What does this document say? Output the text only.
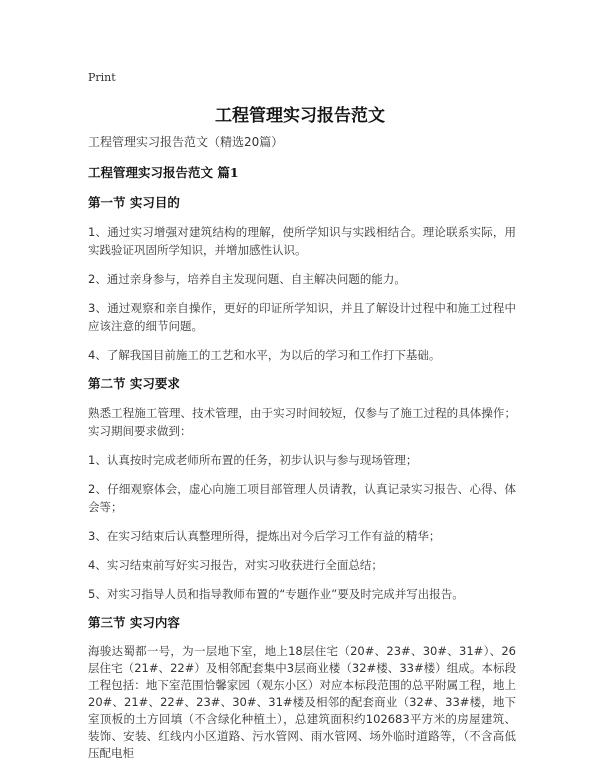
Print
工程管理实习报告范文

工程管理实习报告范文（精选20篇）

工程管理实习报告范文 篇1

第一节 实习目的

1、通过实习增强对建筑结构的理解，使所学知识与实践相结合。理论联系实际，用实践验证巩固所学知识，并增加感性认识。

2、通过亲身参与，培养自主发现问题、自主解决问题的能力。

3、通过观察和亲自操作，更好的印证所学知识，并且了解设计过程中和施工过程中应该注意的细节问题。

4、了解我国目前施工的工艺和水平，为以后的学习和工作打下基础。

第二节 实习要求

熟悉工程施工管理、技术管理，由于实习时间较短，仅参与了施工过程的具体操作；实习期间要求做到：

1、认真按时完成老师所布置的任务，初步认识与参与现场管理；

2、仔细观察体会，虚心向施工项目部管理人员请教，认真记录实习报告、心得、体会等；

3、在实习结束后认真整理所得，提炼出对今后学习工作有益的精华；

4、实习结束前写好实习报告，对实习收获进行全面总结；

5、对实习指导人员和指导教师布置的“专题作业”要及时完成并写出报告。

第三节 实习内容

海骏达蜀都一号，为一层地下室，地上18层住宅（20#、23#、30#、31#）、26层住宅（21#、22#）及相邻配套集中3层商业楼（32#楼、33#楼）组成。本标段工程包括：地下室范围恰馨家园（观东小区）对应本标段范围的总平附属工程，地上20#、21#、22#、23#、30#、31#楼及相邻的配套商业（32#、33#楼，地下室顶板的土方回填（不含绿化种植土），总建筑面积约102683平方米的房屋建筑、装饰、安装、红线内小区道路、污水管网、雨水管网、场外临时道路等，（不含高低压配电柜
